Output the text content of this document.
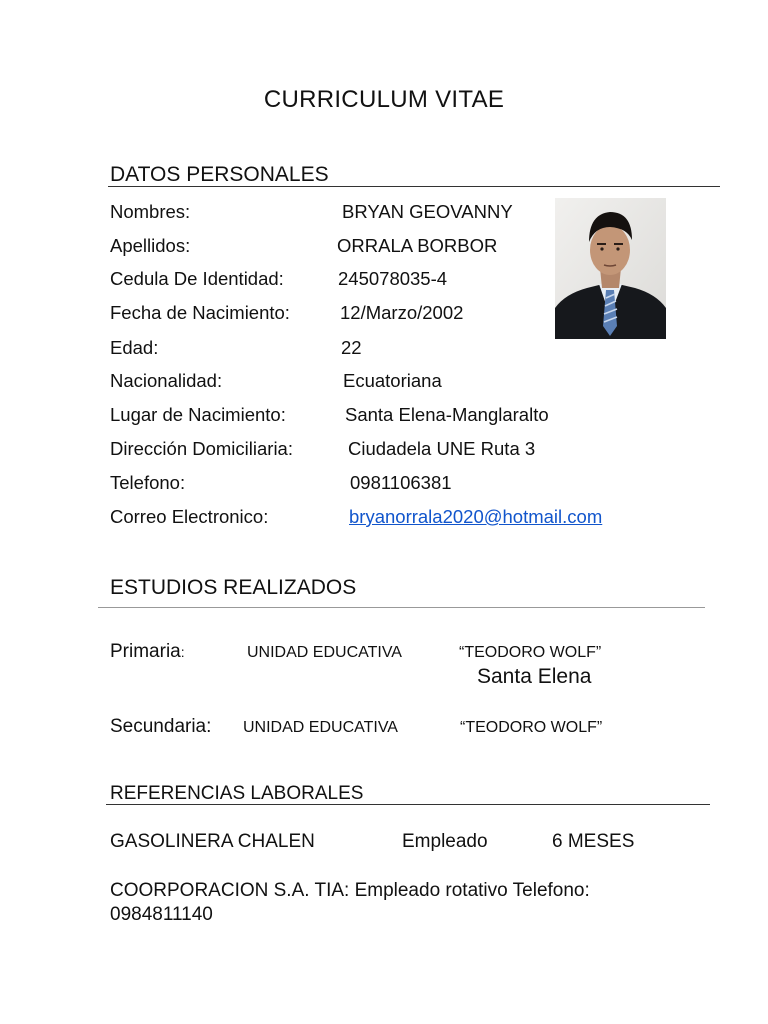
CURRICULUM VITAE
DATOS PERSONALES
Nombres:	BRYAN GEOVANNY
Apellidos:	ORRALA BORBOR
Cedula De Identidad:	245078035-4
Fecha de Nacimiento:	12/Marzo/2002
Edad:	22
Nacionalidad:	Ecuatoriana
Lugar de Nacimiento:	Santa Elena-Manglaralto
Dirección Domiciliaria:	Ciudadela UNE Ruta 3
Telefono:	0981106381
Correo Electronico:	bryanorrala2020@hotmail.com
ESTUDIOS REALIZADOS
Primaria:	UNIDAD EDUCATIVA	“TEODORO WOLF”
Santa Elena
Secundaria: UNIDAD EDUCATIVA	“TEODORO WOLF”
REFERENCIAS LABORALES
GASOLINERA CHALEN	Empleado	6 MESES
COORPORACION S.A. TIA: Empleado rotativo Telefono:
0984811140
